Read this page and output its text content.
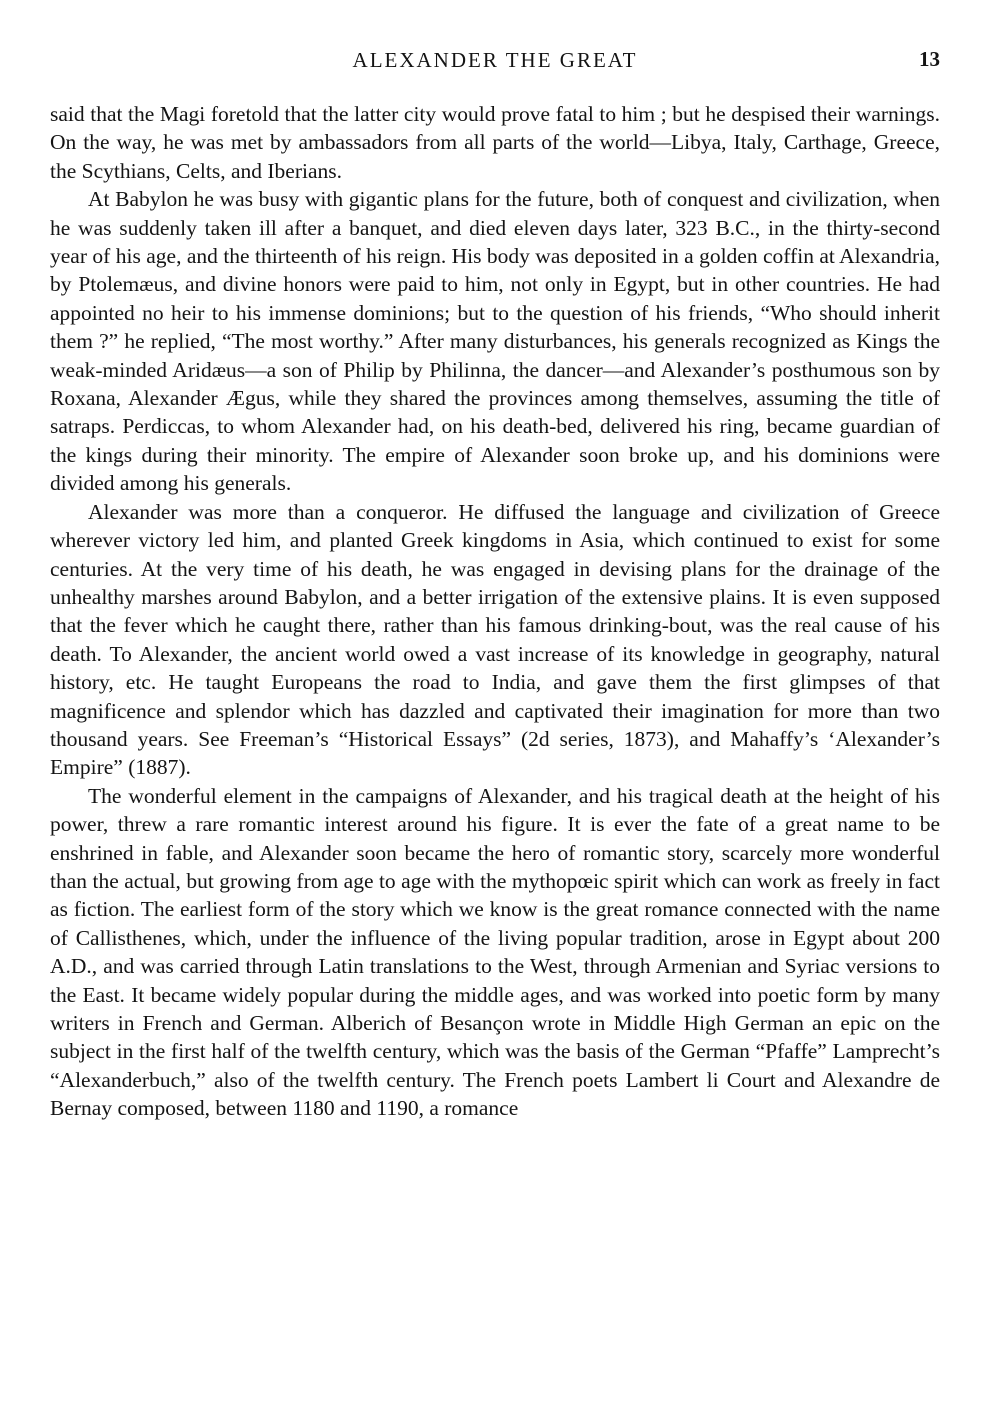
ALEXANDER THE GREAT	13

said that the Magi foretold that the latter city would prove fatal to him ; but he despised their warnings. On the way, he was met by ambassadors from all parts of the world—Libya, Italy, Carthage, Greece, the Scythians, Celts, and Iberians.

At Babylon he was busy with gigantic plans for the future, both of conquest and civilization, when he was suddenly taken ill after a banquet, and died eleven days later, 323 B.C., in the thirty-second year of his age, and the thirteenth of his reign. His body was deposited in a golden coffin at Alexandria, by Ptolemæus, and divine honors were paid to him, not only in Egypt, but in other countries. He had appointed no heir to his immense dominions; but to the question of his friends, “Who should inherit them ?” he replied, “The most worthy.” After many disturbances, his generals recognized as Kings the weak-minded Aridæus—a son of Philip by Philinna, the dancer—and Alexander’s posthumous son by Roxana, Alexander Ægus, while they shared the provinces among themselves, assuming the title of satraps. Perdiccas, to whom Alexander had, on his death-bed, delivered his ring, became guardian of the kings during their minority. The empire of Alexander soon broke up, and his dominions were divided among his generals.

Alexander was more than a conqueror. He diffused the language and civilization of Greece wherever victory led him, and planted Greek kingdoms in Asia, which continued to exist for some centuries. At the very time of his death, he was engaged in devising plans for the drainage of the unhealthy marshes around Babylon, and a better irrigation of the extensive plains. It is even supposed that the fever which he caught there, rather than his famous drinking-bout, was the real cause of his death. To Alexander, the ancient world owed a vast increase of its knowledge in geography, natural history, etc. He taught Europeans the road to India, and gave them the first glimpses of that magnificence and splendor which has dazzled and captivated their imagination for more than two thousand years. See Freeman’s “Historical Essays” (2d series, 1873), and Mahaffy’s ‘Alexander’s Empire” (1887).

The wonderful element in the campaigns of Alexander, and his tragical death at the height of his power, threw a rare romantic interest around his figure. It is ever the fate of a great name to be enshrined in fable, and Alexander soon became the hero of romantic story, scarcely more wonderful than the actual, but growing from age to age with the mythopœic spirit which can work as freely in fact as fiction. The earliest form of the story which we know is the great romance connected with the name of Callisthenes, which, under the influence of the living popular tradition, arose in Egypt about 200 A.D., and was carried through Latin translations to the West, through Armenian and Syriac versions to the East. It became widely popular during the middle ages, and was worked into poetic form by many writers in French and German. Alberich of Besançon wrote in Middle High German an epic on the subject in the first half of the twelfth century, which was the basis of the German “Pfaffe” Lamprecht’s “Alexanderbuch,” also of the twelfth century. The French poets Lambert li Court and Alexandre de Bernay composed, between 1180 and 1190, a romance
